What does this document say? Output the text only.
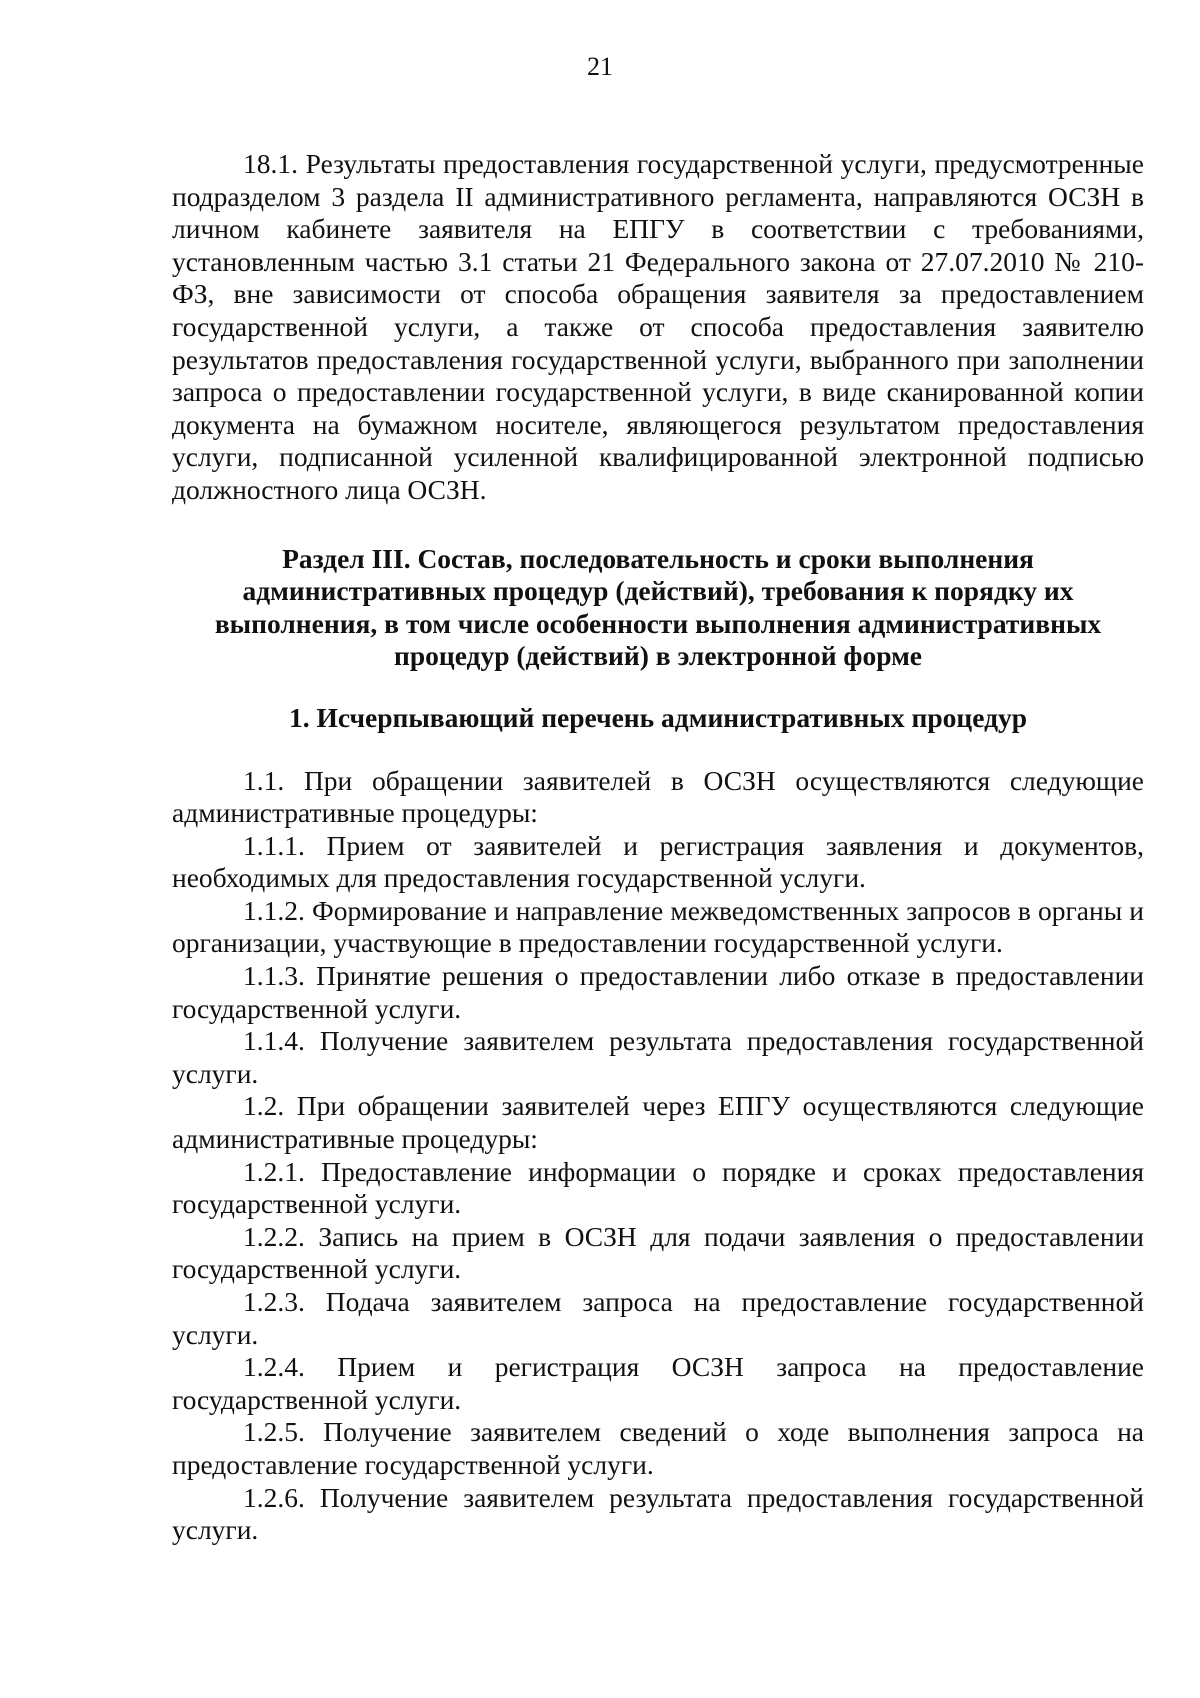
21

18.1. Результаты предоставления государственной услуги, предусмотренные подразделом 3 раздела II административного регламента, направляются ОСЗН в личном кабинете заявителя на ЕПГУ в соответствии с требованиями, установленным частью 3.1 статьи 21 Федерального закона от 27.07.2010 № 210-ФЗ, вне зависимости от способа обращения заявителя за предоставлением государственной услуги, а также от способа предоставления заявителю результатов предоставления государственной услуги, выбранного при заполнении запроса о предоставлении государственной услуги, в виде сканированной копии документа на бумажном носителе, являющегося результатом предоставления услуги, подписанной усиленной квалифицированной электронной подписью должностного лица ОСЗН.

Раздел III. Состав, последовательность и сроки выполнения административных процедур (действий), требования к порядку их выполнения, в том числе особенности выполнения административных процедур (действий) в электронной форме

1. Исчерпывающий перечень административных процедур

1.1. При обращении заявителей в ОСЗН осуществляются следующие административные процедуры:

1.1.1. Прием от заявителей и регистрация заявления и документов, необходимых для предоставления государственной услуги.

1.1.2. Формирование и направление межведомственных запросов в органы и организации, участвующие в предоставлении государственной услуги.

1.1.3. Принятие решения о предоставлении либо отказе в предоставлении государственной услуги.

1.1.4. Получение заявителем результата предоставления государственной услуги.

1.2. При обращении заявителей через ЕПГУ осуществляются следующие административные процедуры:

1.2.1. Предоставление информации о порядке и сроках предоставления государственной услуги.

1.2.2. Запись на прием в ОСЗН для подачи заявления о предоставлении государственной услуги.

1.2.3. Подача заявителем запроса на предоставление государственной услуги.

1.2.4. Прием и регистрация ОСЗН запроса на предоставление государственной услуги.

1.2.5. Получение заявителем сведений о ходе выполнения запроса на предоставление государственной услуги.

1.2.6. Получение заявителем результата предоставления государственной услуги.
